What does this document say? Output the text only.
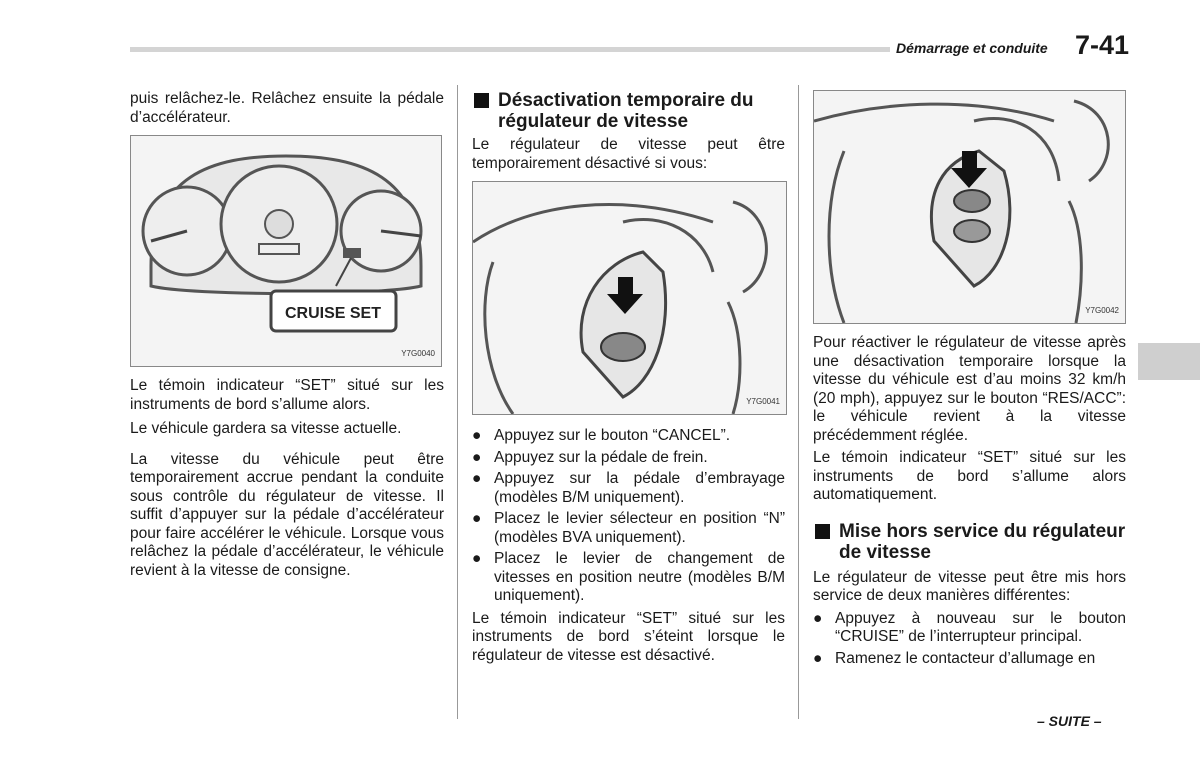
Démarrage et conduite 7-41

puis relâchez-le. Relâchez ensuite la pédale d’accélérateur.

CRUISE SET
Y7G0040

Le témoin indicateur “SET” situé sur les instruments de bord s’allume alors.

Le véhicule gardera sa vitesse actuelle.

La vitesse du véhicule peut être temporairement accrue pendant la conduite sous contrôle du régulateur de vitesse. Il suffit d’appuyer sur la pédale d’accélérateur pour faire accélérer le véhicule. Lorsque vous relâchez la pédale d’accélérateur, le véhicule revient à la vitesse de consigne.

Désactivation temporaire du régulateur de vitesse

Le régulateur de vitesse peut être temporairement désactivé si vous:

Y7G0041

● Appuyez sur le bouton “CANCEL”.

● Appuyez sur la pédale de frein.

● Appuyez sur la pédale d’embrayage (modèles B/M uniquement).

● Placez le levier sélecteur en position “N” (modèles BVA uniquement).

● Placez le levier de changement de vitesses en position neutre (modèles B/M uniquement).

Le témoin indicateur “SET” situé sur les instruments de bord s’éteint lorsque le régulateur de vitesse est désactivé.

Y7G0042

Pour réactiver le régulateur de vitesse après une désactivation temporaire lorsque la vitesse du véhicule est d’au moins 32 km/h (20 mph), appuyez sur le bouton “RES/ACC”: le véhicule revient à la vitesse précédemment réglée.

Le témoin indicateur “SET” situé sur les instruments de bord s’allume alors automatiquement.

Mise hors service du régulateur de vitesse

Le régulateur de vitesse peut être mis hors service de deux manières différentes:

● Appuyez à nouveau sur le bouton “CRUISE” de l’interrupteur principal.

● Ramenez le contacteur d’allumage en

– SUITE –
